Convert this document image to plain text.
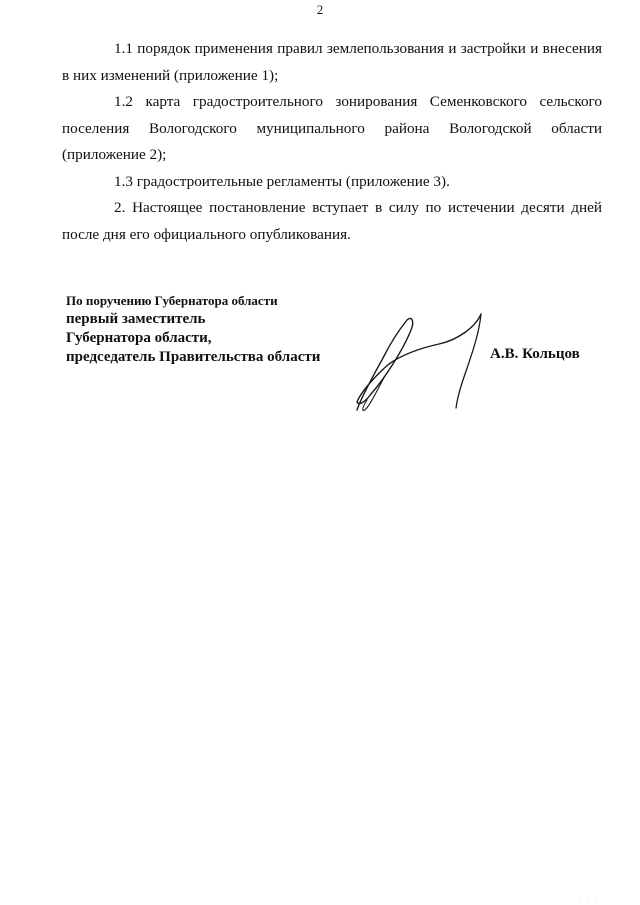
2

1.1 порядок применения правил землепользования и застройки и внесения в них изменений (приложение 1);

1.2 карта градостроительного зонирования Семенковского сельского поселения Вологодского муниципального района Вологодской области (приложение 2);

1.3 градостроительные регламенты (приложение 3).

2. Настоящее постановление вступает в силу по истечении десяти дней после дня его официального опубликования.

По поручению Губернатора области
первый заместитель
Губернатора области,
председатель Правительства области	А.В. Кольцов
· · ·
